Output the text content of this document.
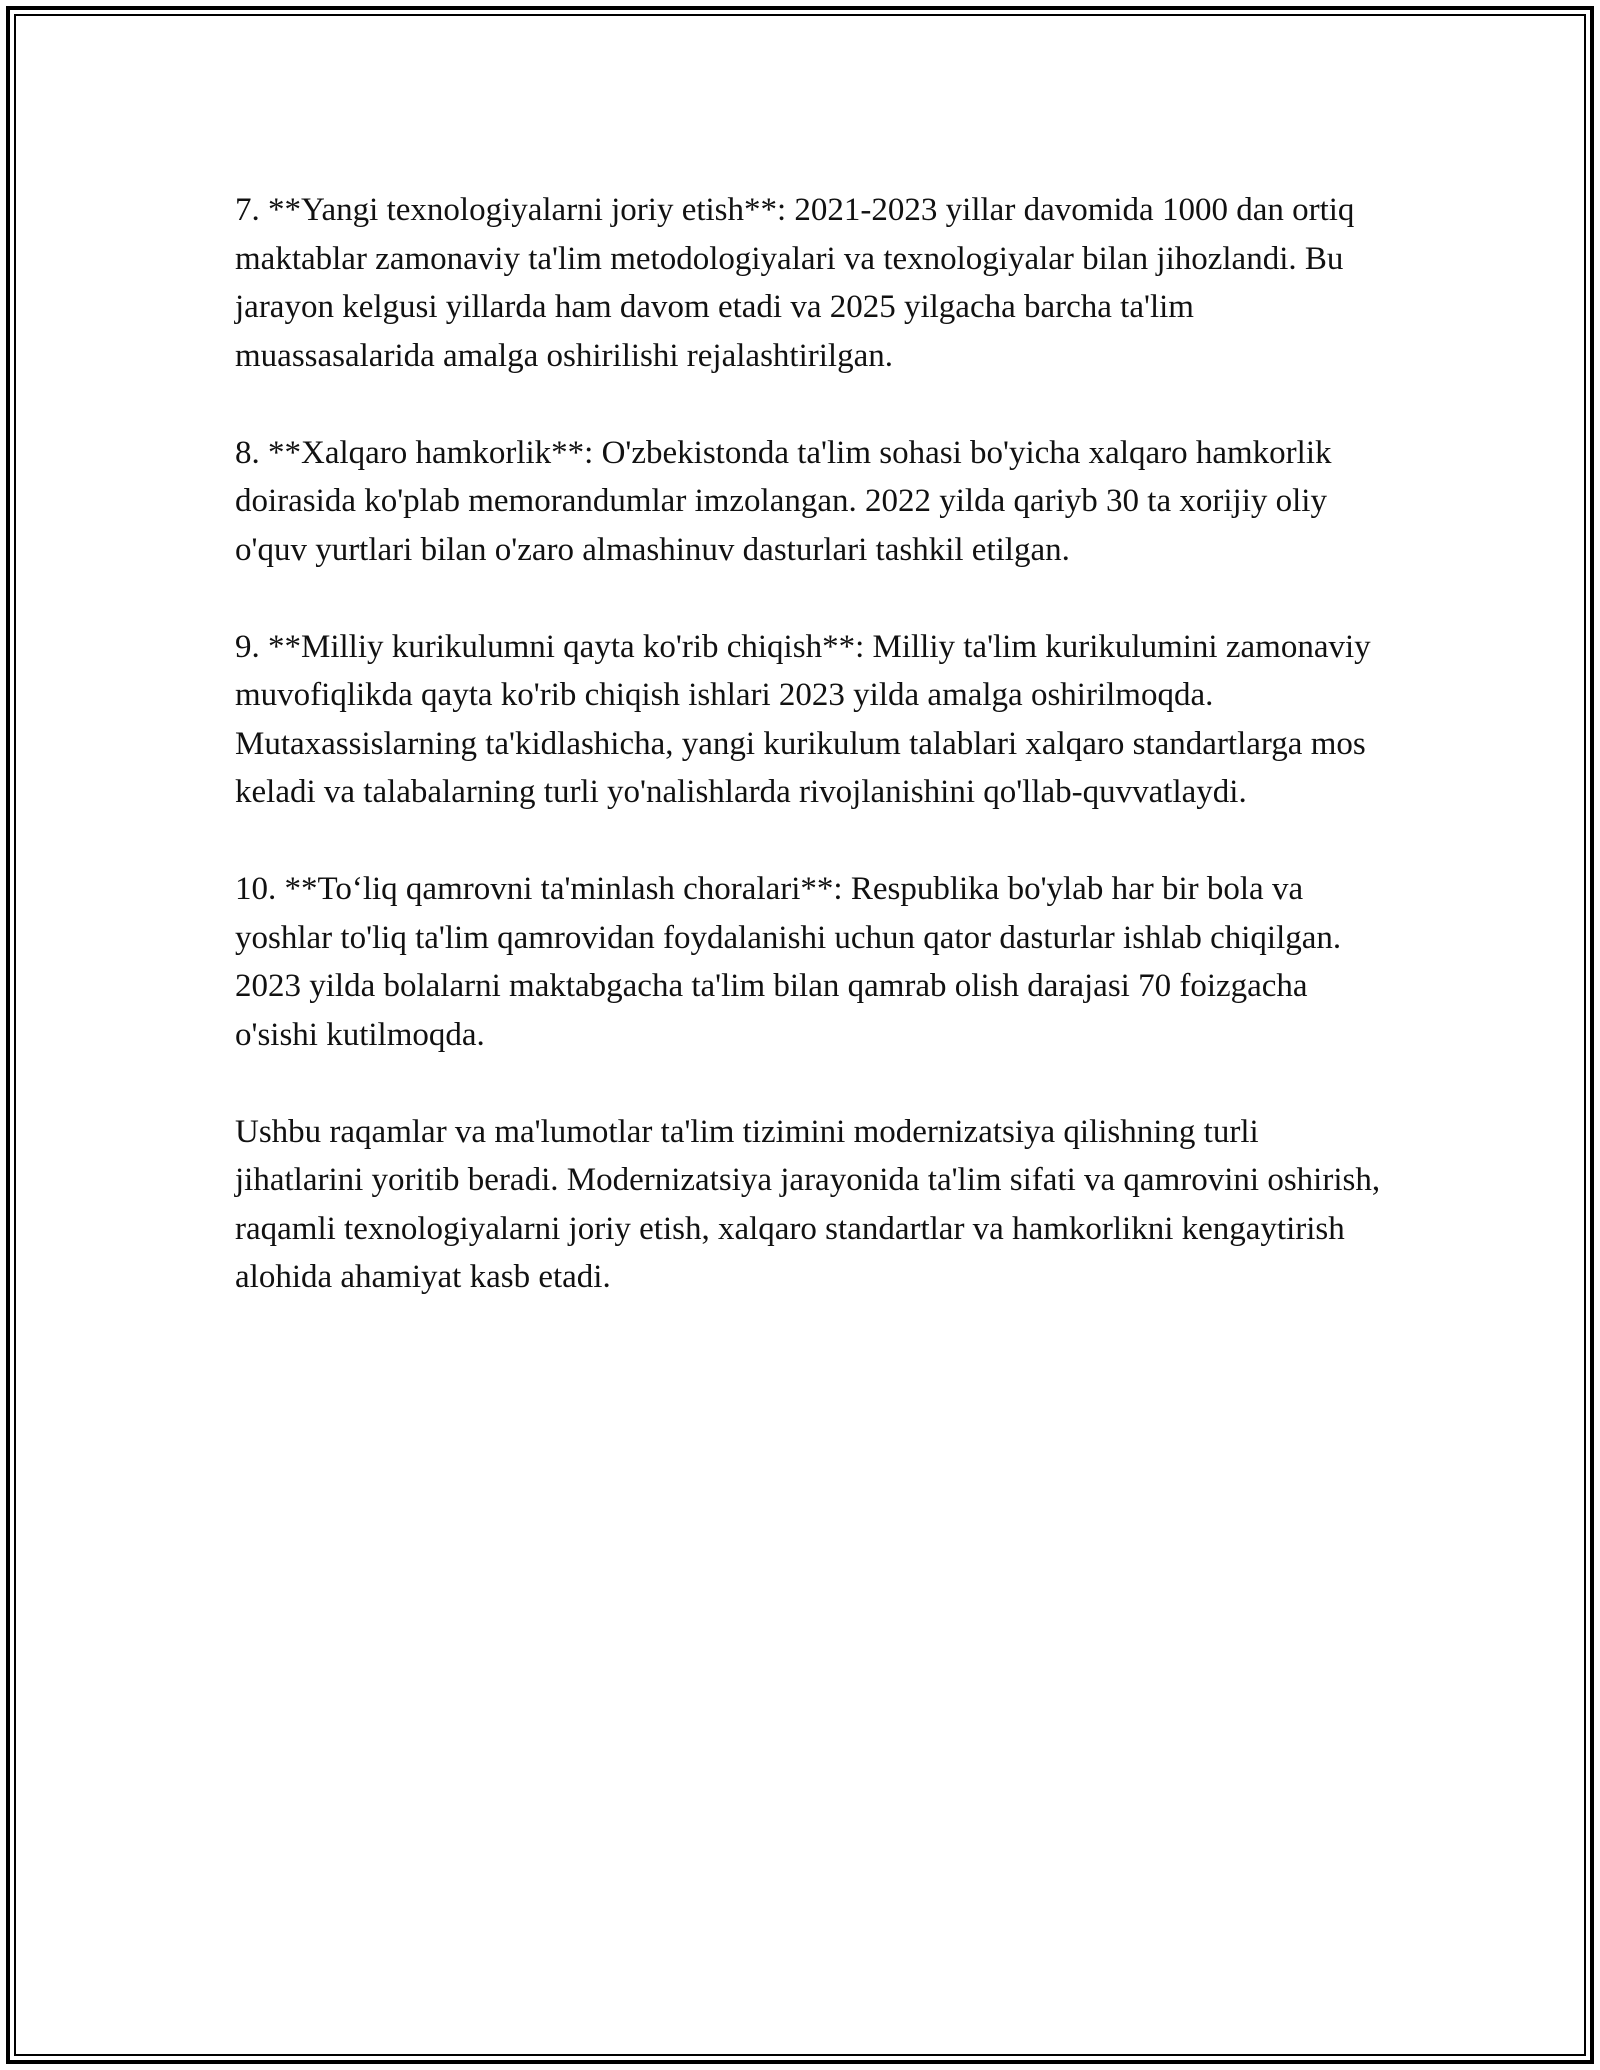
7. **Yangi texnologiyalarni joriy etish**: 2021-2023 yillar davomida 1000 dan ortiq maktablar zamonaviy ta'lim metodologiyalari va texnologiyalar bilan jihozlandi. Bu jarayon kelgusi yillarda ham davom etadi va 2025 yilgacha barcha ta'lim muassasalarida amalga oshirilishi rejalashtirilgan.

8. **Xalqaro hamkorlik**: O'zbekistonda ta'lim sohasi bo'yicha xalqaro hamkorlik doirasida ko'plab memorandumlar imzolangan. 2022 yilda qariyb 30 ta xorijiy oliy o'quv yurtlari bilan o'zaro almashinuv dasturlari tashkil etilgan.

9. **Milliy kurikulumni qayta ko'rib chiqish**: Milliy ta'lim kurikulumini zamonaviy muvofiqlikda qayta ko'rib chiqish ishlari 2023 yilda amalga oshirilmoqda. Mutaxassislarning ta'kidlashicha, yangi kurikulum talablari xalqaro standartlarga mos keladi va talabalarning turli yo'nalishlarda rivojlanishini qo'llab-quvvatlaydi.

10. **To‘liq qamrovni ta'minlash choralari**: Respublika bo'ylab har bir bola va yoshlar to'liq ta'lim qamrovidan foydalanishi uchun qator dasturlar ishlab chiqilgan. 2023 yilda bolalarni maktabgacha ta'lim bilan qamrab olish darajasi 70 foizgacha o'sishi kutilmoqda.

Ushbu raqamlar va ma'lumotlar ta'lim tizimini modernizatsiya qilishning turli jihatlarini yoritib beradi. Modernizatsiya jarayonida ta'lim sifati va qamrovini oshirish, raqamli texnologiyalarni joriy etish, xalqaro standartlar va hamkorlikni kengaytirish alohida ahamiyat kasb etadi.
